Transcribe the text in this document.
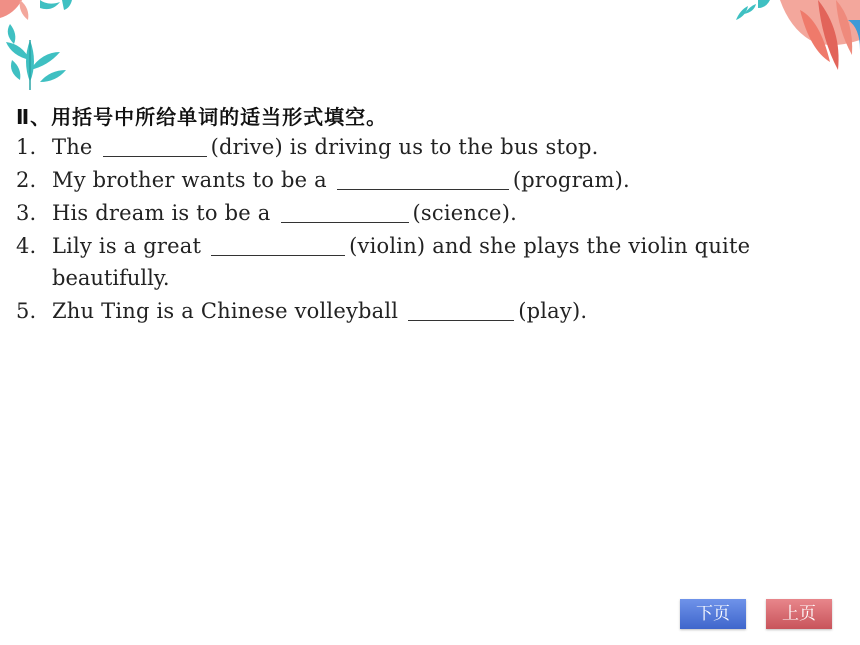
Ⅱ、用括号中所给单词的适当形式填空。
1. The	(drive) is driving us to the bus stop.
2. My brother wants to be a	(program).
3. His dream is to be a	(science).
4. Lily is a great	(violin) and she plays the violin quite
beautifully.
5. Zhu Ting is a Chinese volleyball	(play).
下页	上页
